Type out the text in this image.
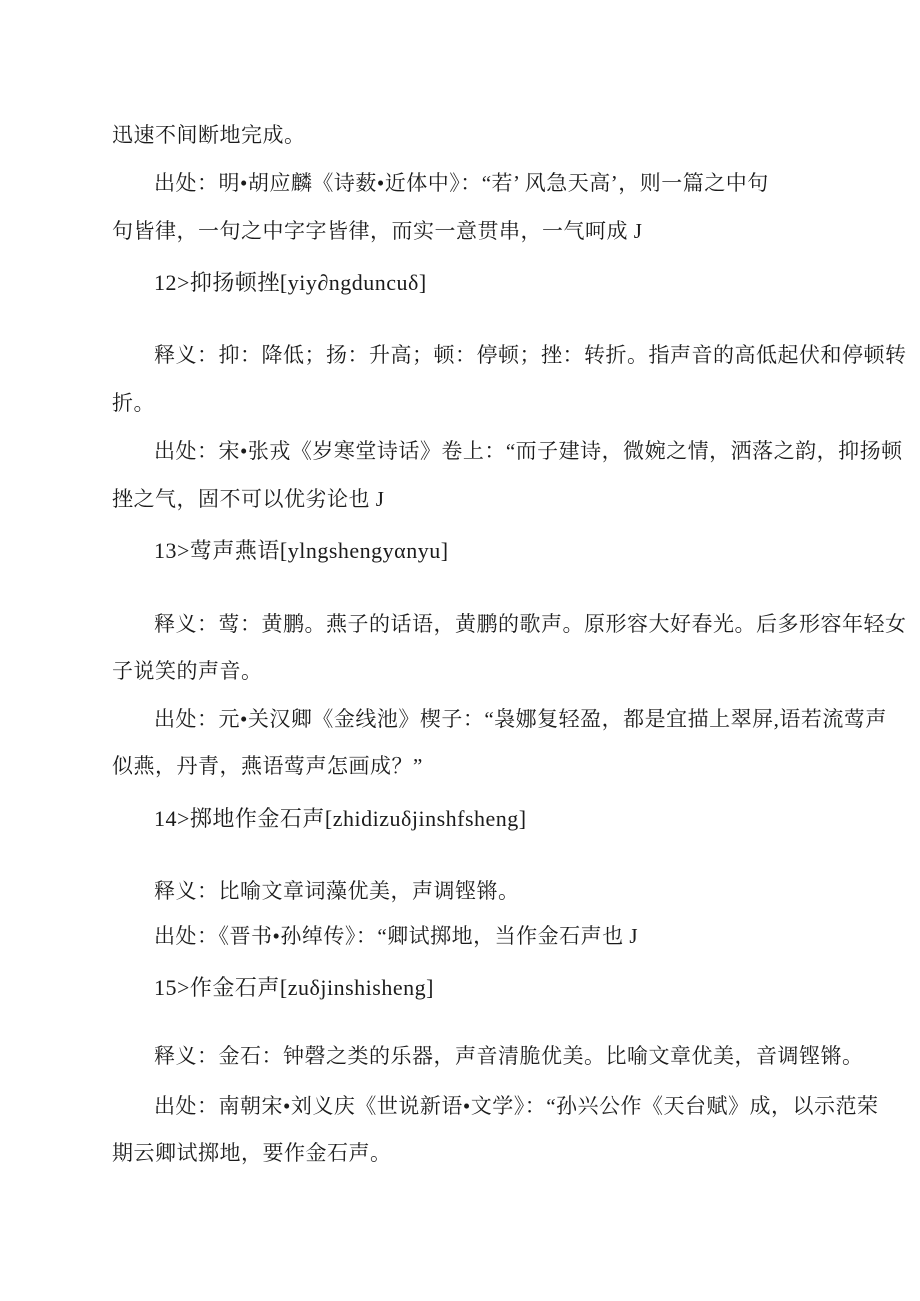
迅速不间断地完成。
出处：明•胡应麟《诗薮•近体中》：“若’ 风急天高’，则一篇之中句
句皆律，一句之中字字皆律，而实一意贯串，一气呵成 J
12>抑扬顿挫[yiy∂ngduncuδ]
释义：抑：降低；扬：升高；顿：停顿；挫：转折。指声音的高低起伏和停顿转
折。
出处：宋•张戎《岁寒堂诗话》卷上：“而子建诗，微婉之情，洒落之韵，抑扬顿
挫之气，固不可以优劣论也 J
13>莺声燕语[ylngshengyαnyu]
释义：莺：黄鹏。燕子的话语，黄鹏的歌声。原形容大好春光。后多形容年轻女
子说笑的声音。
出处：元•关汉卿《金线池》楔子：“袅娜复轻盈，都是宜描上翠屏,语若流莺声
似燕，丹青，燕语莺声怎画成？”
14>掷地作金石声[zhidizuδjinshfsheng]
释义：比喻文章词藻优美，声调铿锵。
出处：《晋书•孙绰传》：“卿试掷地，当作金石声也 J
15>作金石声[zuδjinshisheng]
释义：金石：钟磬之类的乐器，声音清脆优美。比喻文章优美，音调铿锵。
出处：南朝宋•刘义庆《世说新语•文学》：“孙兴公作《天台赋》成，以示范荣
期云卿试掷地，要作金石声。
